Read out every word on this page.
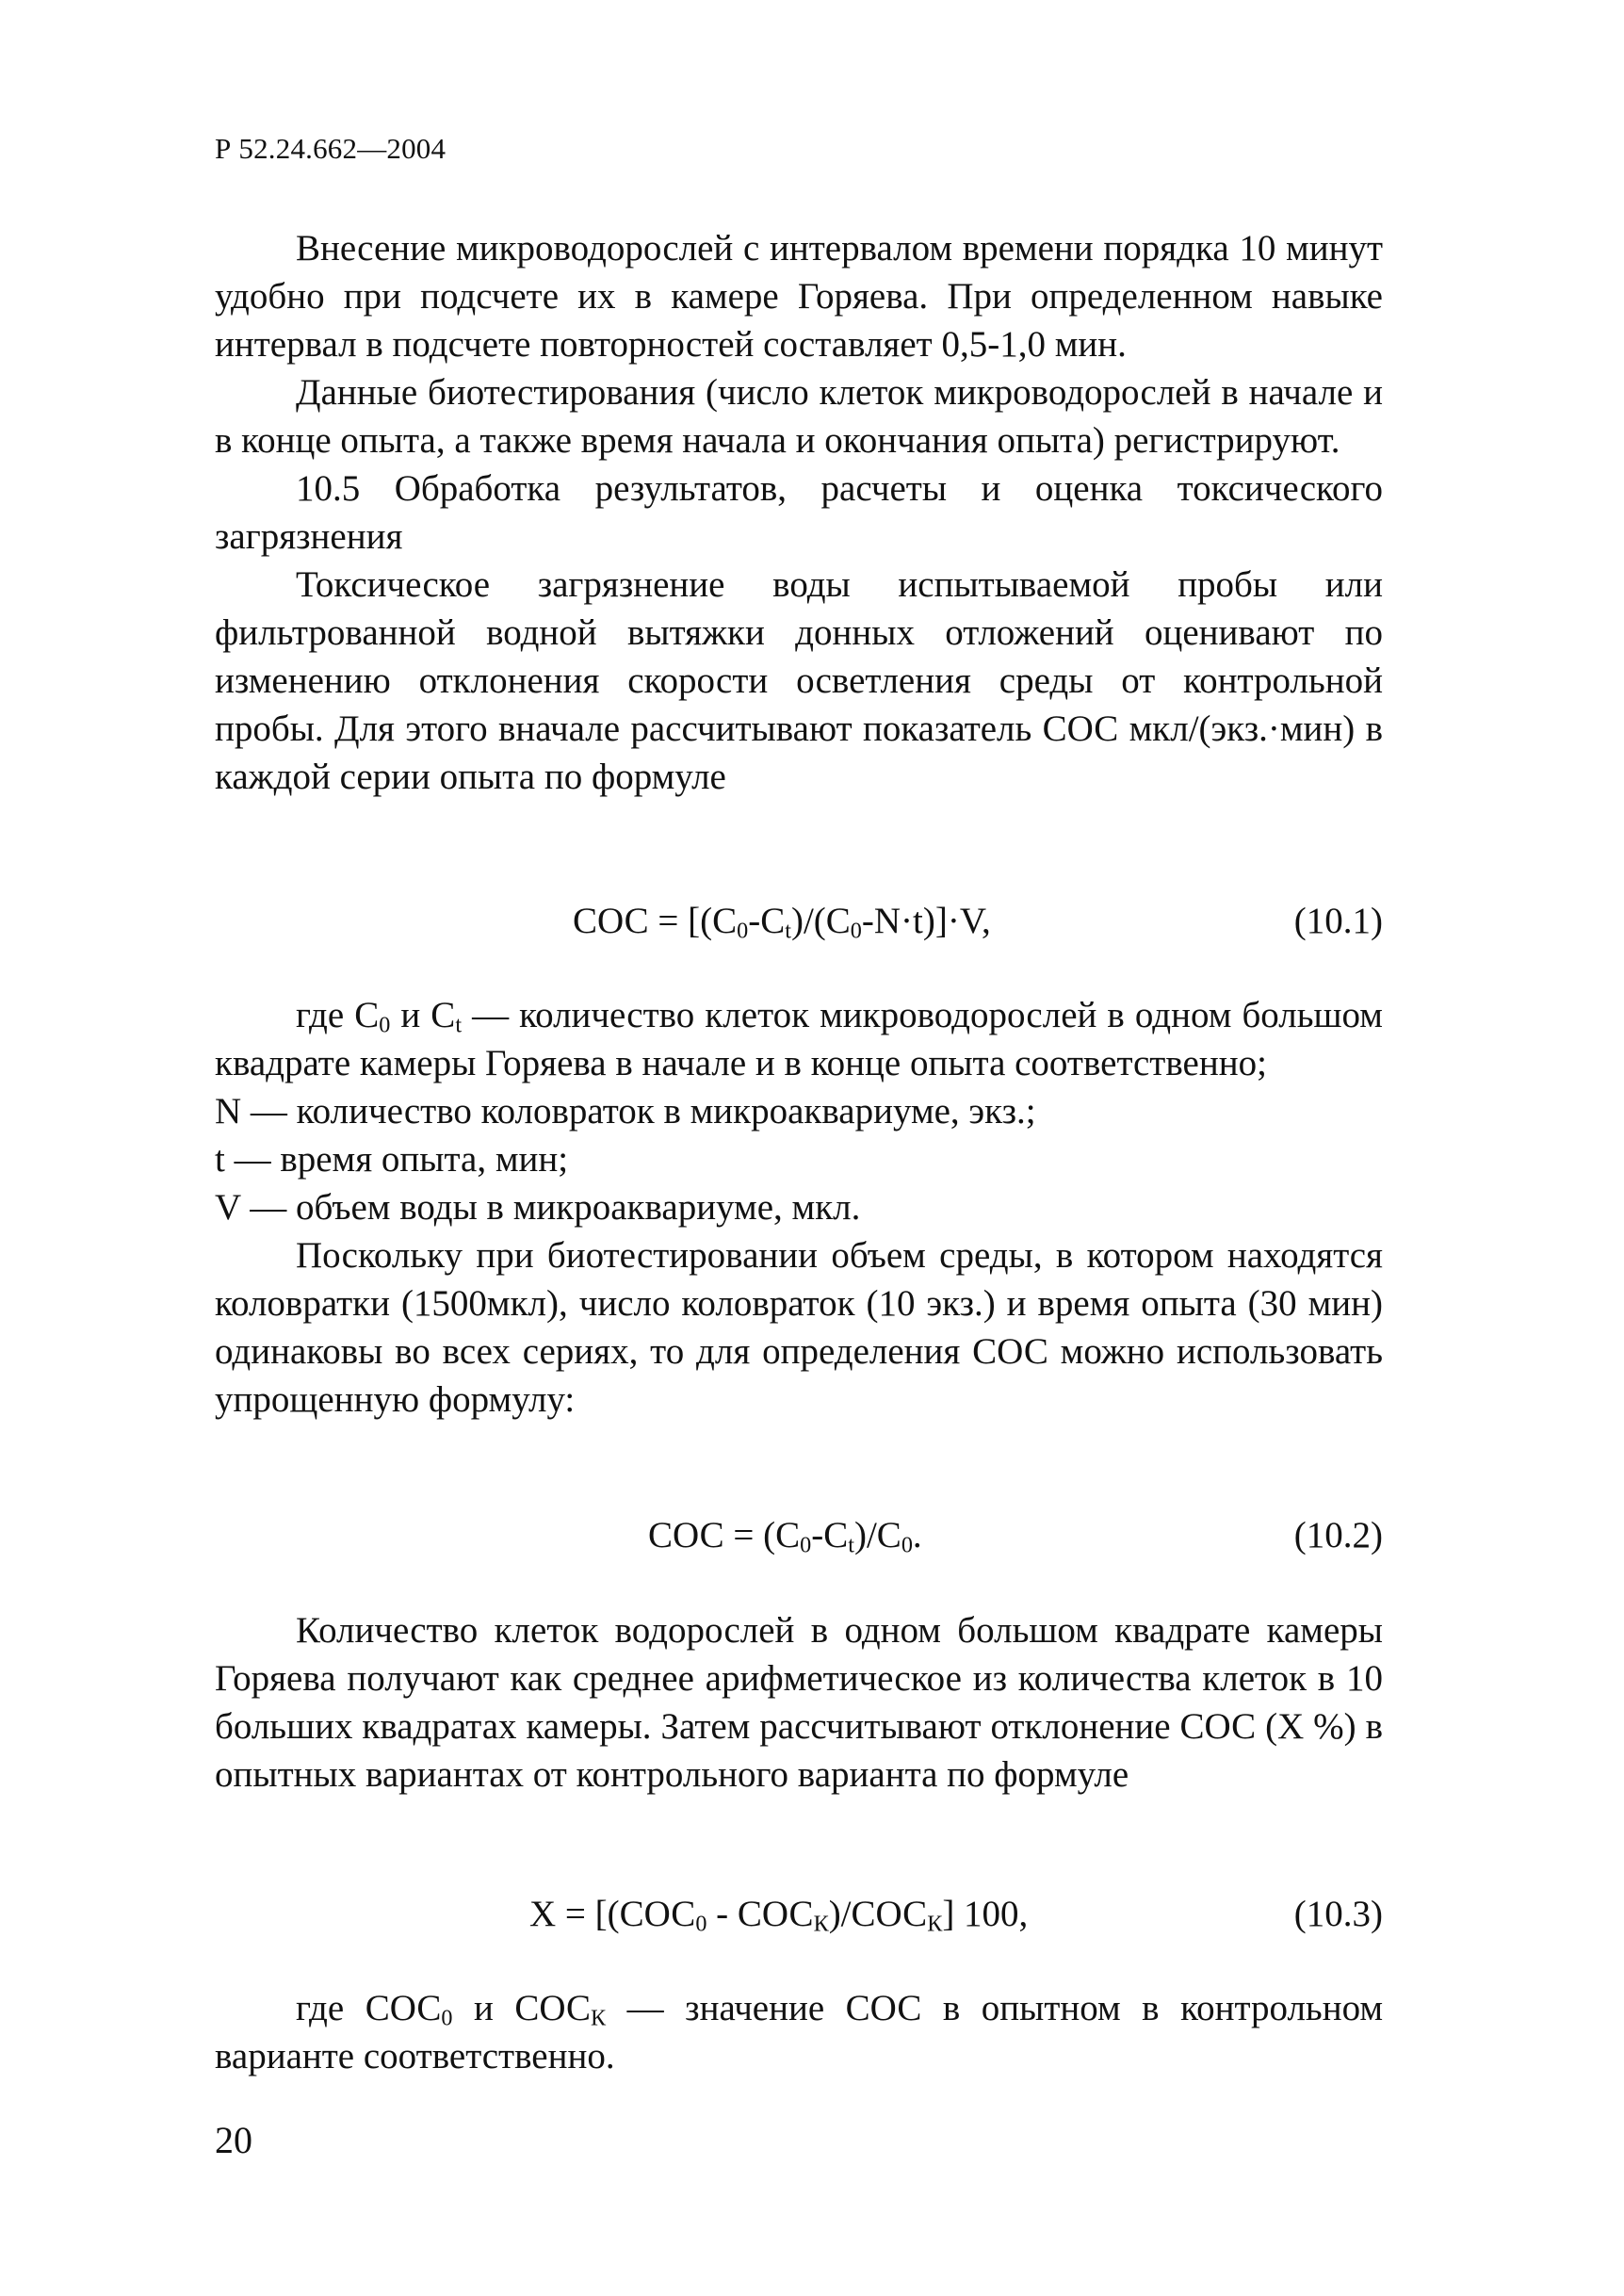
Р 52.24.662—2004

Внесение микроводорослей с интервалом времени порядка 10 минут удобно при подсчете их в камере Горяева. При определенном навыке интервал в подсчете повторностей составляет 0,5-1,0 мин.

Данные биотестирования (число клеток микроводорослей в начале и в конце опыта, а также время начала и окончания опыта) регистрируют.

10.5 Обработка результатов, расчеты и оценка токсического загрязнения

Токсическое загрязнение воды испытываемой пробы или фильтрованной водной вытяжки донных отложений оценивают по изменению отклонения скорости осветления среды от контрольной пробы. Для этого вначале рассчитывают показатель СОС мкл/(экз.·мин) в каждой серии опыта по формуле

СОС = $[(C_0-C_t)/(C_0-N\cdot t)]\cdot V$,	(10.1)

где $C_0$ и $C_t$ — количество клеток микроводорослей в одном большом квадрате камеры Горяева в начале и в конце опыта соответственно;

N — количество коловраток в микроаквариуме, экз.;

t — время опыта, мин;

V — объем воды в микроаквариуме, мкл.

Поскольку при биотестировании объем среды, в котором находятся коловратки (1500мкл), число коловраток (10 экз.) и время опыта (30 мин) одинаковы во всех сериях, то для определения СОС можно использовать упрощенную формулу:

СОС = $(C_0-C_t)/C_0$.	(10.2)

Количество клеток водорослей в одном большом квадрате камеры Горяева получают как среднее арифметическое из количества клеток в 10 больших квадратах камеры. Затем рассчитывают отклонение СОС (X %) в опытных вариантах от контрольного варианта по формуле

$X = [(СОС_0 - СОС_К)/СОС_К]$ 100,	(10.3)

где $СОС_0$ и $СОС_К$ — значение СОС в опытном в контрольном варианте соответственно.

20
